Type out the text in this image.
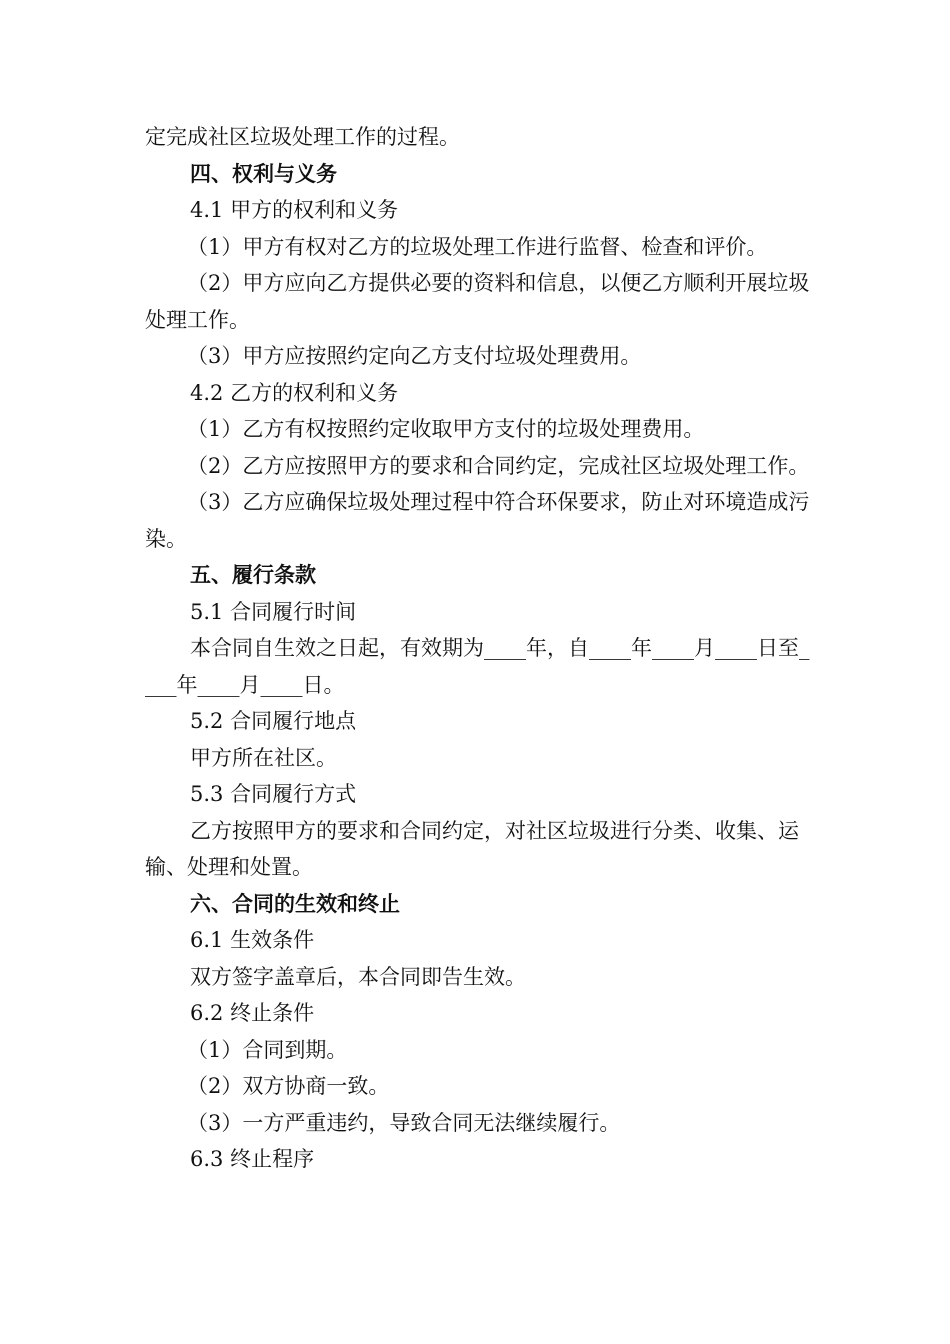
定完成社区垃圾处理工作的过程。

四、权利与义务

4.1 甲方的权利和义务

（1）甲方有权对乙方的垃圾处理工作进行监督、检查和评价。

（2）甲方应向乙方提供必要的资料和信息，以便乙方顺利开展垃圾处理工作。

（3）甲方应按照约定向乙方支付垃圾处理费用。

4.2 乙方的权利和义务

（1）乙方有权按照约定收取甲方支付的垃圾处理费用。

（2）乙方应按照甲方的要求和合同约定，完成社区垃圾处理工作。

（3）乙方应确保垃圾处理过程中符合环保要求，防止对环境造成污染。

五、履行条款

5.1 合同履行时间

本合同自生效之日起，有效期为____年，自____年____月____日至____年____月____日。

5.2 合同履行地点

甲方所在社区。

5.3 合同履行方式

乙方按照甲方的要求和合同约定，对社区垃圾进行分类、收集、运输、处理和处置。

六、合同的生效和终止

6.1 生效条件

双方签字盖章后，本合同即告生效。

6.2 终止条件

（1）合同到期。

（2）双方协商一致。

（3）一方严重违约，导致合同无法继续履行。

6.3 终止程序
